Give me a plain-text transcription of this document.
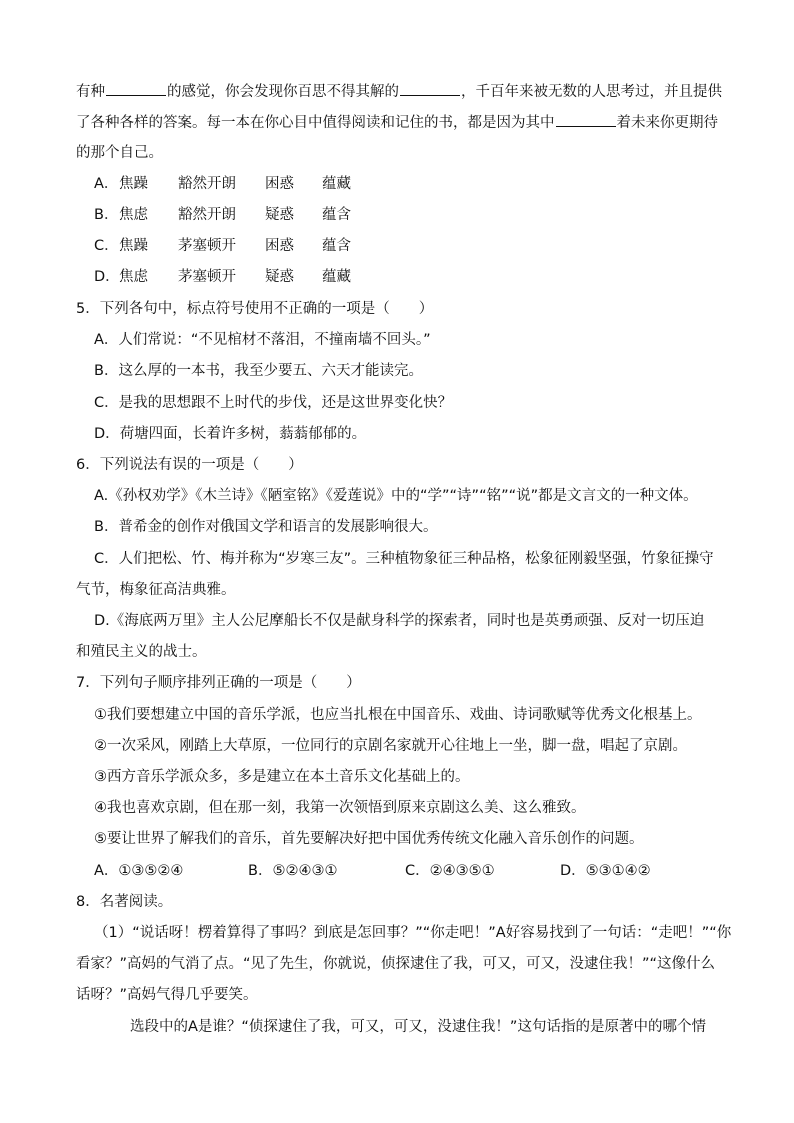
有种	的感觉，你会发现你百思不得其解的	，千百年来被无数的人思考过，并且提供
了各种各样的答案。每一本在你心目中值得阅读和记住的书，都是因为其中	着未来你更期待
的那个自己。
A．焦躁 豁然开朗 困惑 蕴藏
B．焦虑 豁然开朗 疑惑 蕴含
C．焦躁 茅塞顿开 困惑 蕴含
D．焦虑 茅塞顿开 疑惑 蕴藏
5．下列各句中，标点符号使用不正确的一项是（　　）
A．人们常说：“不见棺材不落泪，不撞南墙不回头。”
B．这么厚的一本书，我至少要五、六天才能读完。
C．是我的思想跟不上时代的步伐，还是这世界变化快？
D．荷塘四面，长着许多树，蓊蓊郁郁的。
6．下列说法有误的一项是（　　）
A.《孙权劝学》《木兰诗》《陋室铭》《爱莲说》中的“学”“诗”“铭”“说”都是文言文的一种文体。
B．普希金的创作对俄国文学和语言的发展影响很大。
C．人们把松、竹、梅并称为“岁寒三友”。三种植物象征三种品格，松象征刚毅坚强，竹象征操守
气节，梅象征高洁典雅。
D.《海底两万里》主人公尼摩船长不仅是献身科学的探索者，同时也是英勇顽强、反对一切压迫
和殖民主义的战士。
7．下列句子顺序排列正确的一项是（　　）
①我们要想建立中国的音乐学派，也应当扎根在中国音乐、戏曲、诗词歌赋等优秀文化根基上。
②一次采风，刚踏上大草原，一位同行的京剧名家就开心往地上一坐，脚一盘，唱起了京剧。
③西方音乐学派众多，多是建立在本土音乐文化基础上的。
④我也喜欢京剧，但在那一刻，我第一次领悟到原来京剧这么美、这么雅致。
⑤要让世界了解我们的音乐，首先要解决好把中国优秀传统文化融入音乐创作的问题。
A．①③⑤②④	B．⑤②④③①	C．②④③⑤①	D．⑤③①④②
8．名著阅读。
（1）“说话呀！楞着算得了事吗？到底是怎回事？”“你走吧！”A好容易找到了一句话：“走吧！”“你
看家？”高妈的气消了点。“见了先生，你就说，侦探逮住了我，可又，可又，没逮住我！”“这像什么
话呀？”高妈气得几乎要笑。
选段中的A是谁？“侦探逮住了我，可又，可又，没逮住我！”这句话指的是原著中的哪个情
